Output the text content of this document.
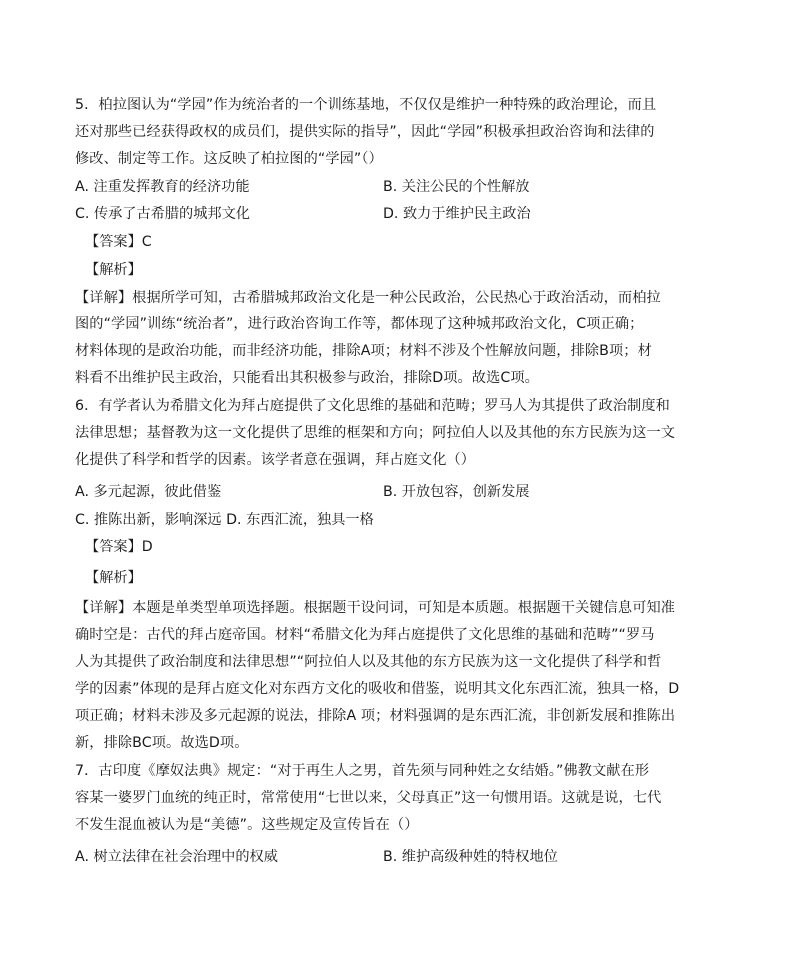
5．柏拉图认为“学园”作为统治者的一个训练基地，不仅仅是维护一种特殊的政治理论，而且
还对那些已经获得政权的成员们，提供实际的指导”，因此“学园”积极承担政治咨询和法律的
修改、制定等工作。这反映了柏拉图的“学园”（）
A. 注重发挥教育的经济功能	B. 关注公民的个性解放
C. 传承了古希腊的城邦文化	D. 致力于维护民主政治
【答案】C
【解析】
【详解】根据所学可知，古希腊城邦政治文化是一种公民政治，公民热心于政治活动，而柏拉
图的“学园”训练“统治者”，进行政治咨询工作等，都体现了这种城邦政治文化，C项正确；
材料体现的是政治功能，而非经济功能，排除A项；材料不涉及个性解放问题，排除B项；材
料看不出维护民主政治，只能看出其积极参与政治，排除D项。故选C项。
6．有学者认为希腊文化为拜占庭提供了文化思维的基础和范畴；罗马人为其提供了政治制度和
法律思想；基督教为这一文化提供了思维的框架和方向；阿拉伯人以及其他的东方民族为这一文
化提供了科学和哲学的因素。该学者意在强调，拜占庭文化（）
A. 多元起源，彼此借鉴	B. 开放包容，创新发展
C. 推陈出新，影响深远 D. 东西汇流，独具一格
【答案】D
【解析】
【详解】本题是单类型单项选择题。根据题干设问词，可知是本质题。根据题干关键信息可知准
确时空是：古代的拜占庭帝国。材料“希腊文化为拜占庭提供了文化思维的基础和范畴”“罗马
人为其提供了政治制度和法律思想”“阿拉伯人以及其他的东方民族为这一文化提供了科学和哲
学的因素”体现的是拜占庭文化对东西方文化的吸收和借鉴，说明其文化东西汇流，独具一格，D
项正确；材料未涉及多元起源的说法，排除A 项；材料强调的是东西汇流，非创新发展和推陈出
新，排除BC项。故选D项。
7．古印度《摩奴法典》规定：“对于再生人之男，首先须与同种姓之女结婚。”佛教文献在形
容某一婆罗门血统的纯正时，常常使用“七世以来，父母真正”这一句惯用语。这就是说，七代
不发生混血被认为是“美德”。这些规定及宣传旨在（）
A. 树立法律在社会治理中的权威	B. 维护高级种姓的特权地位
